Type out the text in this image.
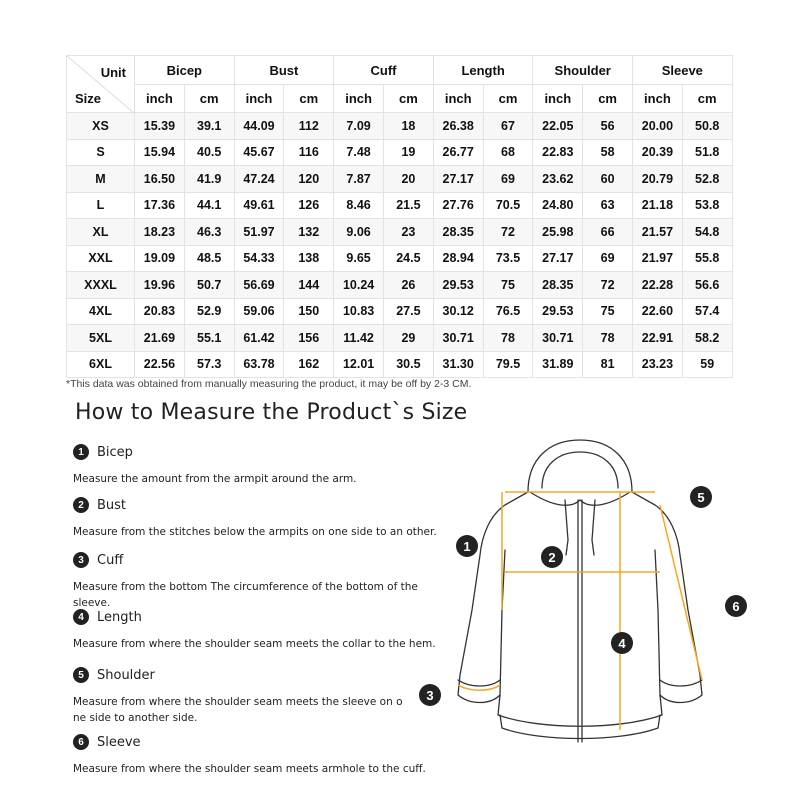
Unit	Bicep		Bust		Cuff		Length		Shoulder		Sleeve	
Size	inch	cm	inch	cm	inch	cm	inch	cm	inch	cm	inch	cm
XS	15.39	39.1	44.09	112	7.09	18	26.38	67	22.05	56	20.00	50.8
S	15.94	40.5	45.67	116	7.48	19	26.77	68	22.83	58	20.39	51.8
M	16.50	41.9	47.24	120	7.87	20	27.17	69	23.62	60	20.79	52.8
L	17.36	44.1	49.61	126	8.46	21.5	27.76	70.5	24.80	63	21.18	53.8
XL	18.23	46.3	51.97	132	9.06	23	28.35	72	25.98	66	21.57	54.8
XXL	19.09	48.5	54.33	138	9.65	24.5	28.94	73.5	27.17	69	21.97	55.8
XXXL	19.96	50.7	56.69	144	10.24	26	29.53	75	28.35	72	22.28	56.6
4XL	20.83	52.9	59.06	150	10.83	27.5	30.12	76.5	29.53	75	22.60	57.4
5XL	21.69	55.1	61.42	156	11.42	29	30.71	78	30.71	78	22.91	58.2
6XL	22.56	57.3	63.78	162	12.01	30.5	31.30	79.5	31.89	81	23.23	59
*This data was obtained from manually measuring the product, it may be off by 2-3 CM.
How to Measure the Product`s Size
1	Bicep
Measure the amount from the armpit around the arm.
2	Bust
Measure from the stitches below the armpits on one side to an other.
3	Cuff
Measure from the bottom The circumference of the bottom of the sleeve.
4	Length
Measure from where the shoulder seam meets the collar to the hem.
5	Shoulder
Measure from where the shoulder seam meets the sleeve on o
ne side to another side.
6	Sleeve
Measure from where the shoulder seam meets armhole to the cuff.
1
2
3
4
5
6
